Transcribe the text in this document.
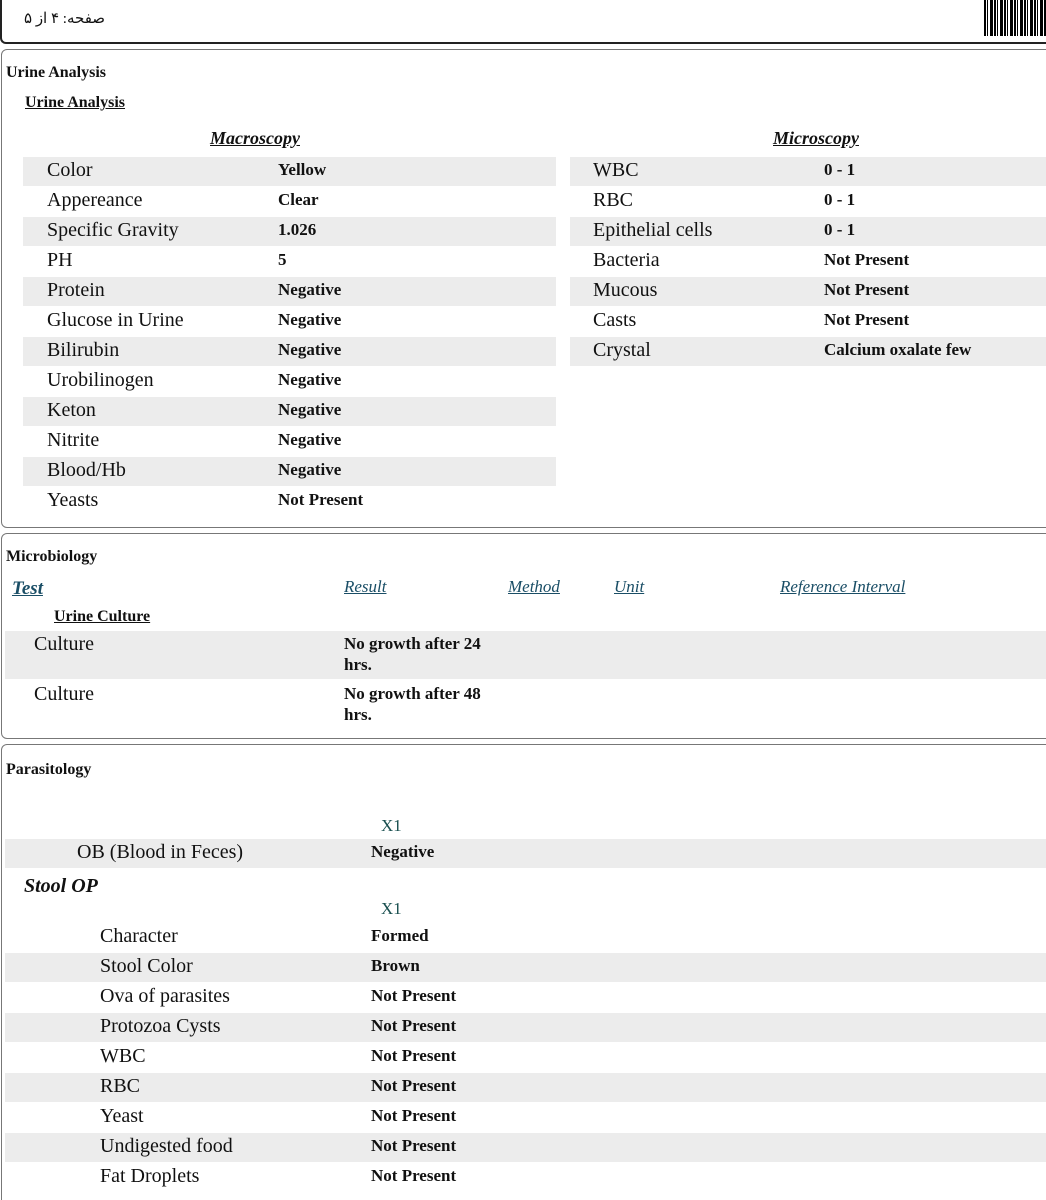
صفحه: ۴ از ۵
Urine Analysis
Urine Analysis
Macroscopy	Microscopy
Color	Yellow
Appereance	Clear
Specific Gravity	1.026
PH	5
Protein	Negative
Glucose in Urine	Negative
Bilirubin	Negative
Urobilinogen	Negative
Keton	Negative
Nitrite	Negative
Blood/Hb	Negative
Yeasts	Not Present
WBC	0 - 1
RBC	0 - 1
Epithelial cells	0 - 1
Bacteria	Not Present
Mucous	Not Present
Casts	Not Present
Crystal	Calcium oxalate few
Microbiology
Test	Result	Method	Unit	Reference Interval
Urine Culture
Culture	No growth after 24
hrs.
Culture	No growth after 48
hrs.
Parasitology
X1
OB (Blood in Feces)	Negative
Stool OP
X1
Character	Formed
Stool Color	Brown
Ova of parasites	Not Present
Protozoa Cysts	Not Present
WBC	Not Present
RBC	Not Present
Yeast	Not Present
Undigested food	Not Present
Fat Droplets	Not Present
